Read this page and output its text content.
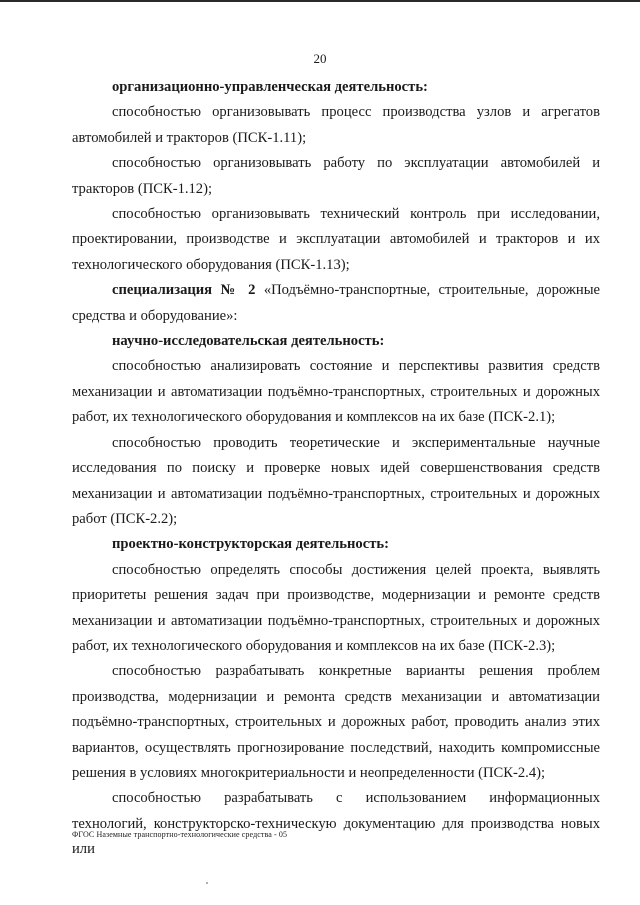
20

организационно-управленческая деятельность:

способностью организовывать процесс производства узлов и агрегатов автомобилей и тракторов (ПСК-1.11);

способностью организовывать работу по эксплуатации автомобилей и тракторов (ПСК-1.12);

способностью организовывать технический контроль при исследовании, проектировании, производстве и эксплуатации автомобилей и тракторов и их технологического оборудования (ПСК-1.13);

специализация № 2 «Подъёмно-транспортные, строительные, дорожные средства и оборудование»:

научно-исследовательская деятельность:

способностью анализировать состояние и перспективы развития средств механизации и автоматизации подъёмно-транспортных, строительных и дорожных работ, их технологического оборудования и комплексов на их базе (ПСК-2.1);

способностью проводить теоретические и экспериментальные научные исследования по поиску и проверке новых идей совершенствования средств механизации и автоматизации подъёмно-транспортных, строительных и дорожных работ (ПСК-2.2);

проектно-конструкторская деятельность:

способностью определять способы достижения целей проекта, выявлять приоритеты решения задач при производстве, модернизации и ремонте средств механизации и автоматизации подъёмно-транспортных, строительных и дорожных работ, их технологического оборудования и комплексов на их базе (ПСК-2.3);

способностью разрабатывать конкретные варианты решения проблем производства, модернизации и ремонта средств механизации и автоматизации подъёмно-транспортных, строительных и дорожных работ, проводить анализ этих вариантов, осуществлять прогнозирование последствий, находить компромиссные решения в условиях многокритериальности и неопределенности (ПСК-2.4);

способностью разрабатывать с использованием информационных технологий, конструкторско-техническую документацию для производства новых или

ФГОС Наземные транспортно-технологические средства - 05
